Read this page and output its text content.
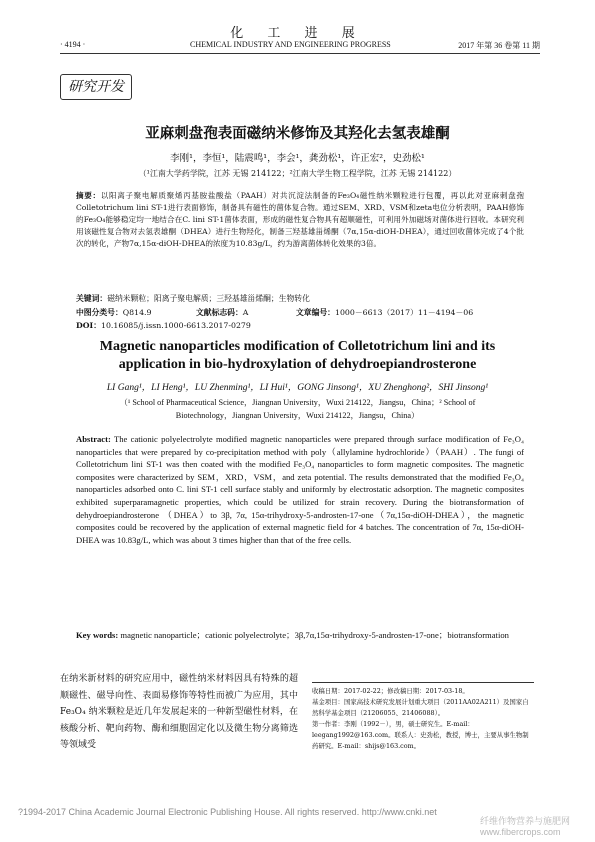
化 工 进 展
· 4194 ·	CHEMICAL INDUSTRY AND ENGINEERING PROGRESS	2017 年第 36 卷第 11 期
研究开发
亚麻刺盘孢表面磁纳米修饰及其羟化去氢表雄酮
李刚¹，李恒¹，陆震鸣¹，李会¹，龚劲松¹，许正宏²，史劲松¹
（¹江南大学药学院，江苏 无锡 214122；²江南大学生物工程学院，江苏 无锡 214122）
摘要：以阳离子聚电解质聚烯丙基胺盐酸盐（PAAH）对共沉淀法制备的Fe₃O₄磁性纳米颗粒进行包覆，再以此对亚麻刺盘孢 Colletotrichum lini ST-1进行表面修饰，制备具有磁性的菌体复合物。通过SEM、XRD、VSM和zeta电位分析表明，PAAH修饰的Fe₃O₄能够稳定均一地结合在C. lini ST-1菌体表面，形成的磁性复合物具有超顺磁性，可利用外加磁场对菌体进行回收。本研究利用该磁性复合物对去氢表雄酮（DHEA）进行生物羟化，制备三羟基雄甾烯酮（7α,15α-diOH-DHEA），通过回收菌体完成了4个批次的转化，产物7α,15α-diOH-DHEA的浓度为10.83g/L，约为游离菌体转化效果的3倍。
关键词：磁纳米颗粒；阳离子聚电解质；三羟基雄甾烯酮；生物转化
中图分类号：Q814.9	文献标志码：A	文章编号：1000－6613（2017）11－4194－06
DOI：10.16085/j.issn.1000-6613.2017-0279
Magnetic nanoparticles modification of Colletotrichum lini and its
application in bio-hydroxylation of dehydroepiandrosterone
LI Gang¹，LI Heng¹，LU Zhenming¹，LI Hui¹，GONG Jinsong¹，XU Zhenghong²，SHI Jinsong¹
（¹ School of Pharmaceutical Science，Jiangnan University，Wuxi 214122，Jiangsu，China；² School of Biotechnology，Jiangnan University，Wuxi 214122，Jiangsu，China）
Abstract: The cationic polyelectrolyte modified magnetic nanoparticles were prepared through surface modification of Fe₃O₄ nanoparticles that were prepared by co-precipitation method with poly（allylamine hydrochloride）（PAAH）. The fungi of Colletotrichum lini ST-1 was then coated with the modified Fe₃O₄ nanoparticles to form magnetic composites. The magnetic composites were characterized by SEM，XRD，VSM，and zeta potential. The results demonstrated that the modified Fe₃O₄ nanoparticles adsorbed onto C. lini ST-1 cell surface stably and uniformly by electrostatic adsorption. The magnetic composites exhibited superparamagnetic properties, which could be utilized for strain recovery. During the biotransformation of dehydroepiandrosterone （DHEA）to 3β, 7α, 15α-trihydroxy-5-androsten-17-one（7α,15α-diOH-DHEA），the magnetic composites could be recovered by the application of external magnetic field for 4 batches. The concentration of 7α, 15α-diOH-DHEA was 10.83g/L, which was about 3 times higher than that of the free cells.
Key words: magnetic nanoparticle；cationic polyelectrolyte；3β,7α,15α-trihydroxy-5-androsten-17-one；biotransformation
在纳米新材料的研究应用中，磁性纳米材料因具有特殊的超顺磁性、磁导向性、表面易修饰等特性而被广为应用，其中 Fe₃O₄ 纳米颗粒是近几年发展起来的一种新型磁性材料，在核酸分析、靶向药物、酶和细胞固定化以及微生物分离筛选等领域受

收稿日期：2017-02-22；修改稿日期：2017-03-18。

基金项目：国家高技术研究发展计划重大项目（2011AA02A211）及国家自然科学基金项目（21206055、21406088）。

第一作者：李刚（1992－），男，硕士研究生。E-mail：leegang1992@163.com。联系人：史劲松，教授，博士，主要从事生物制药研究。E-mail：shijs@163.com。

?1994-2017 China Academic Journal Electronic Publishing House. All rights reserved. http://www.cnki.net
纤维作物营养与施肥网 www.fibercrops.com
